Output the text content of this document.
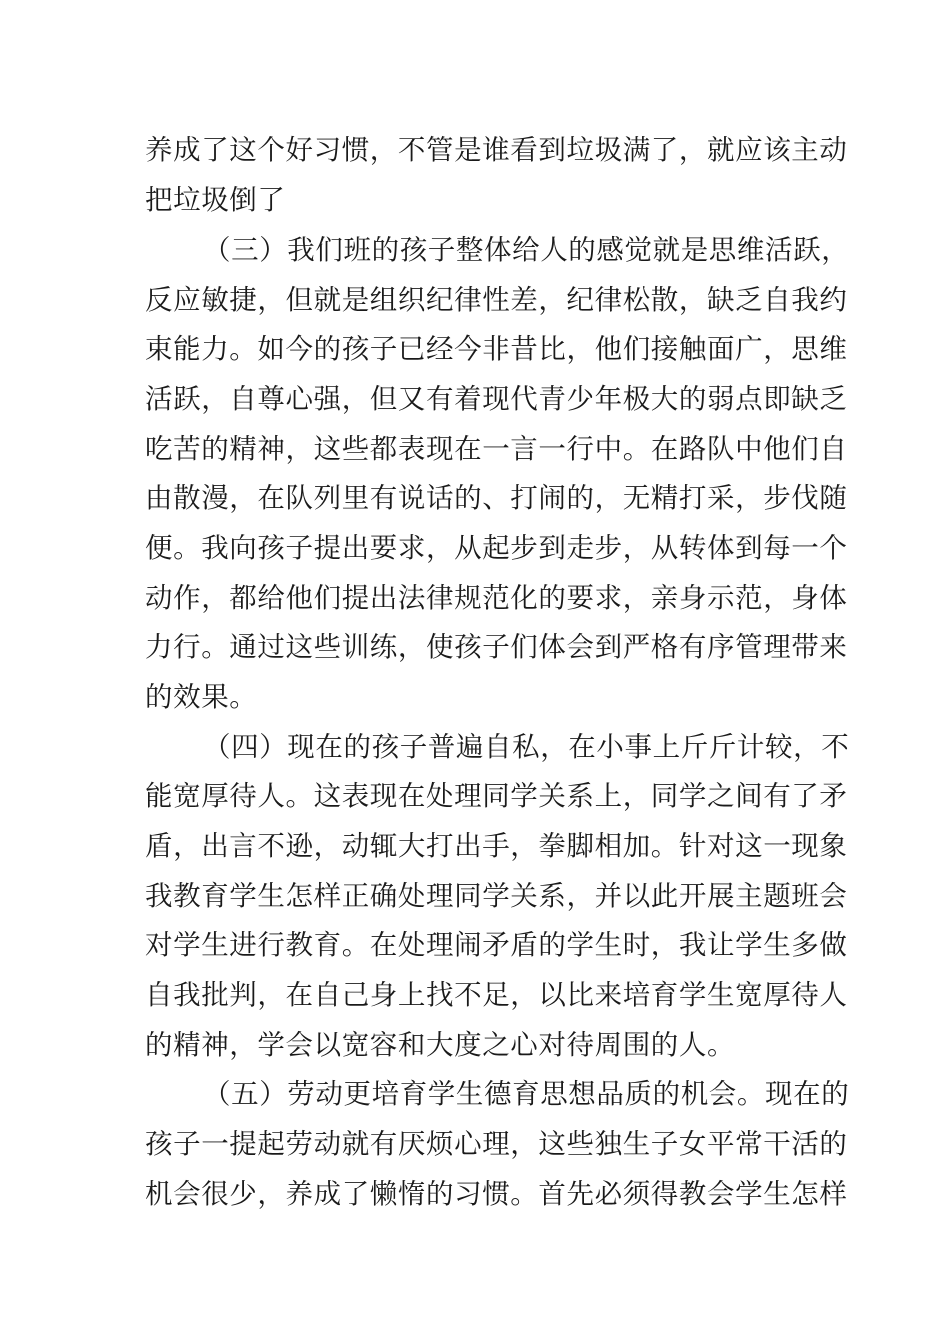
养成了这个好习惯，不管是谁看到垃圾满了，就应该主动
把垃圾倒了
（三）我们班的孩子整体给人的感觉就是思维活跃，
反应敏捷，但就是组织纪律性差，纪律松散，缺乏自我约
束能力。如今的孩子已经今非昔比，他们接触面广，思维
活跃，自尊心强，但又有着现代青少年极大的弱点即缺乏
吃苦的精神，这些都表现在一言一行中。在路队中他们自
由散漫，在队列里有说话的、打闹的，无精打采，步伐随
便。我向孩子提出要求，从起步到走步，从转体到每一个
动作，都给他们提出法律规范化的要求，亲身示范，身体
力行。通过这些训练，使孩子们体会到严格有序管理带来
的效果。
（四）现在的孩子普遍自私，在小事上斤斤计较，不
能宽厚待人。这表现在处理同学关系上，同学之间有了矛
盾，出言不逊，动辄大打出手，拳脚相加。针对这一现象
我教育学生怎样正确处理同学关系，并以此开展主题班会
对学生进行教育。在处理闹矛盾的学生时，我让学生多做
自我批判，在自己身上找不足，以比来培育学生宽厚待人
的精神，学会以宽容和大度之心对待周围的人。
（五）劳动更培育学生德育思想品质的机会。现在的
孩子一提起劳动就有厌烦心理，这些独生子女平常干活的
机会很少，养成了懒惰的习惯。首先必须得教会学生怎样
